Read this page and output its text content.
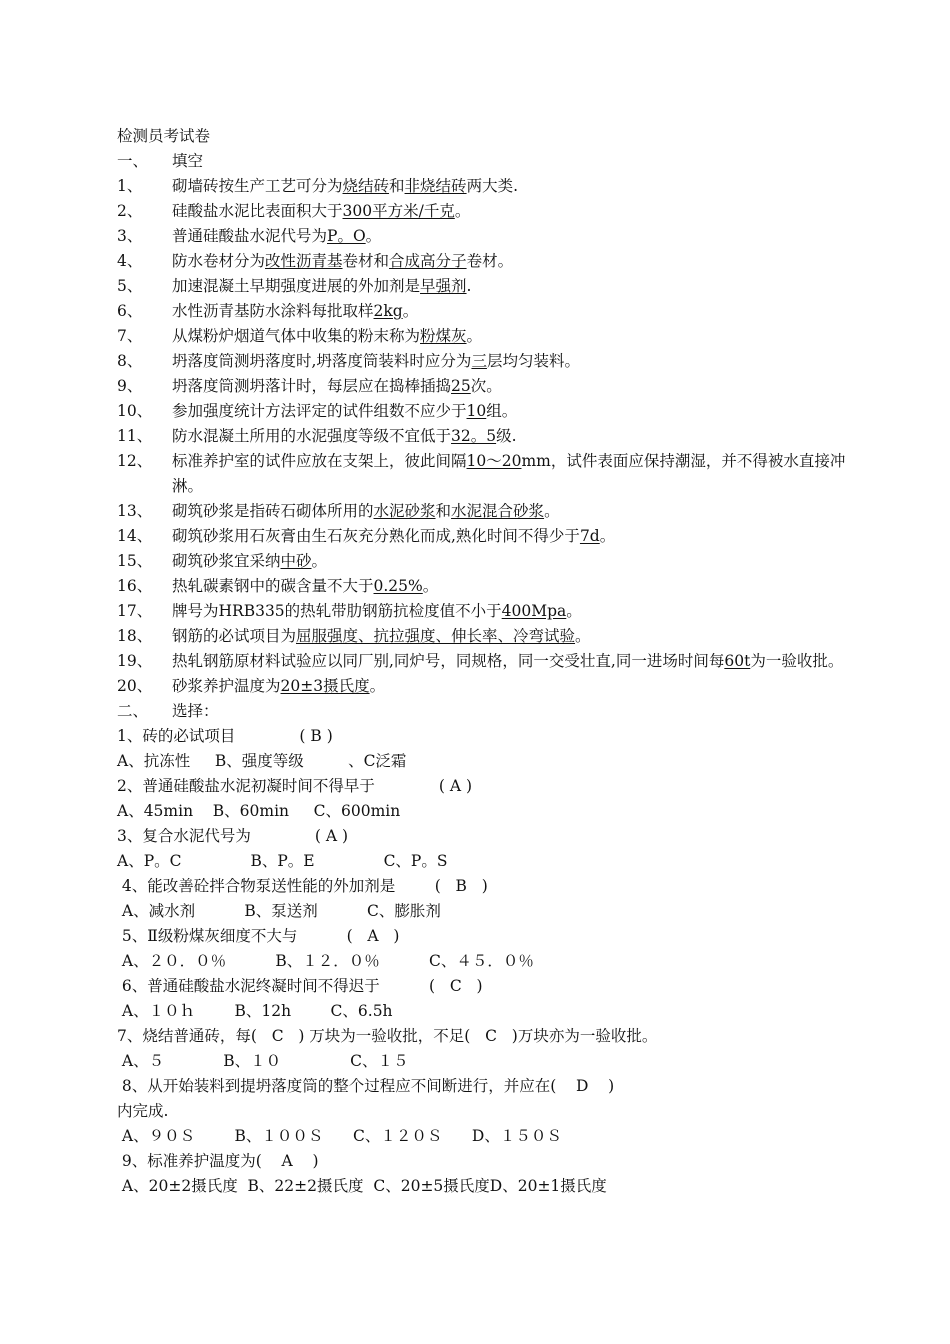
检测员考试卷
一、 填空
1、	砌墙砖按生产工艺可分为烧结砖和非烧结砖两大类.
2、	硅酸盐水泥比表面积大于300平方米/千克。
3、	普通硅酸盐水泥代号为P。O。
4、	防水卷材分为改性沥青基卷材和合成高分子卷材。
5、	加速混凝土早期强度进展的外加剂是早强剂.
6、	水性沥青基防水涂料每批取样2kg。
7、	从煤粉炉烟道气体中收集的粉末称为粉煤灰。
8、	坍落度筒测坍落度时,坍落度筒装料时应分为三层均匀装料。
9、	坍落度筒测坍落计时，每层应在捣棒插捣25次。
10、	参加强度统计方法评定的试件组数不应少于10组。
11、	防水混凝土所用的水泥强度等级不宜低于32。5级.
12、	标准养护室的试件应放在支架上，彼此间隔10～20mm，试件表面应保持潮湿，并不得被水直接冲淋。
13、	砌筑砂浆是指砖石砌体所用的水泥砂浆和水泥混合砂浆。
14、	砌筑砂浆用石灰膏由生石灰充分熟化而成,熟化时间不得少于7d。
15、	砌筑砂浆宜采纳中砂。
16、	热轧碳素钢中的碳含量不大于0.25%。
17、	牌号为HRB335的热轧带肋钢筋抗检度值不小于400Mpa。
18、	钢筋的必试项目为屈服强度、抗拉强度、伸长率、冷弯试验。
19、	热轧钢筋原材料试验应以同厂别,同炉号，同规格，同一交受壮直,同一进场时间每60t为一验收批。
20、	砂浆养护温度为20±3摄氏度。
二、 选择：
1、砖的必试项目             ( B )
A、抗冻性     B、强度等级         、C泛霜
2、普通硅酸盐水泥初凝时间不得早于             ( A )
A、45min    B、60min     C、600min
3、复合水泥代号为             ( A )
A、P。C              B、P。E              C、P。S
4、能改善砼拌合物泵送性能的外加剂是        (   B   )
A、减水剂          B、泵送剂          C、膨胀剂
5、Ⅱ级粉煤灰细度不大与          (   A   )
A、２０．０％          B、１２．０％          C、４５．０％
6、普通硅酸盐水泥终凝时间不得迟于          (   C   )
A、１０ｈ        B、12h        C、6.5h
7、烧结普通砖，每(   C   ) 万块为一验收批，不足(   C   )万块亦为一验收批。
A、５            B、１０              C、１５
8、从开始装料到提坍落度筒的整个过程应不间断进行，并应在(    D    )
内完成.
A、９０Ｓ        B、１００Ｓ      C、１２０Ｓ      D、１５０Ｓ
9、标准养护温度为(    A    )
A、20±2摄氏度  B、22±2摄氏度  C、20±5摄氏度D、20±1摄氏度
